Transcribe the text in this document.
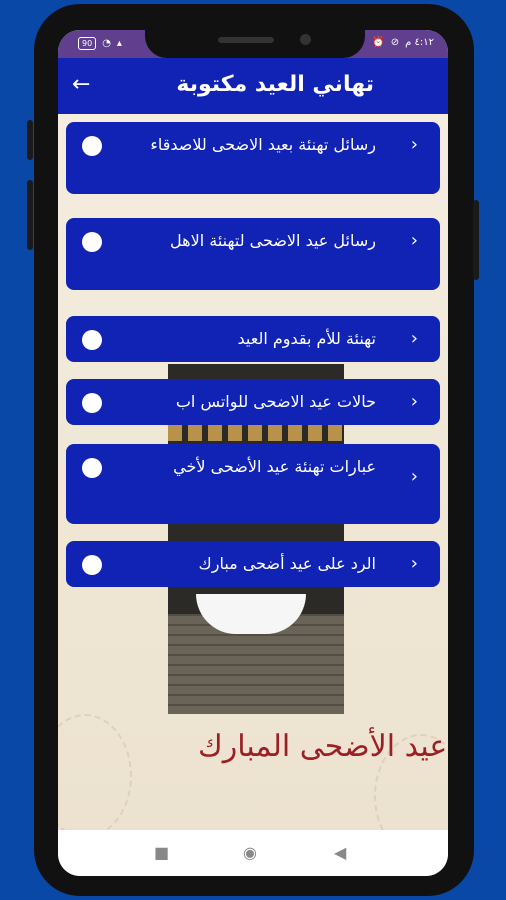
90	◔ ▴	⏰ ⊘ ٤:١٢ م
←	تهاني العيد مكتوبة
عيد الأضحى المبارك
رسائل تهنئة بعيد الاضحى للاصدقاء ›
رسائل عيد الاضحى لتهنئة الاهل ›
تهنئة للأم بقدوم العيد ›
حالات عيد الاضحى للواتس اب ›
عبارات تهنئة عيد الأضحى لأخي ›
الرد على عيد أضحى مبارك ›
■	◉	◀
